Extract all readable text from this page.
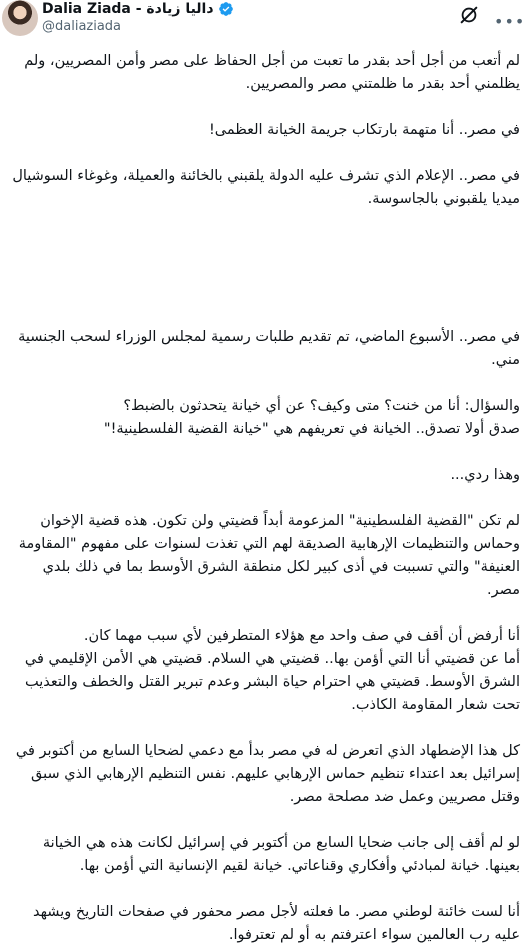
Dalia Ziada - داليا زيادة
@daliaziada	•••

لم أتعب من أجل أحد بقدر ما تعبت من أجل الحفاظ على مصر وأمن المصريين، ولم يظلمني أحد بقدر ما ظلمتني مصر والمصريين.

في مصر.. أنا متهمة بارتكاب جريمة الخيانة العظمى!

في مصر.. الإعلام الذي تشرف عليه الدولة يلقبني بالخائنة والعميلة، وغوغاء السوشيال ميديا يلقبوني بالجاسوسة.

في مصر.. الأسبوع الماضي، تم تقديم طلبات رسمية لمجلس الوزراء لسحب الجنسية مني.

والسؤال: أنا من خنت؟ متى وكيف؟ عن أي خيانة يتحدثون بالضبط؟

صدق أولا تصدق.. الخيانة في تعريفهم هي "خيانة القضية الفلسطينية!"

وهذا ردي...

لم تكن "القضية الفلسطينية" المزعومة أبداً قضيتي ولن تكون. هذه قضية الإخوان وحماس والتنظيمات الإرهابية الصديقة لهم التي تغذت لسنوات على مفهوم "المقاومة العنيفة" والتي تسببت في أذى كبير لكل منطقة الشرق الأوسط بما في ذلك بلدي مصر.

أنا أرفض أن أقف في صف واحد مع هؤلاء المتطرفين لأي سبب مهما كان.

أما عن قضيتي أنا التي أؤمن بها.. قضيتي هي السلام. قضيتي هي الأمن الإقليمي في الشرق الأوسط. قضيتي هي احترام حياة البشر وعدم تبرير القتل والخطف والتعذيب تحت شعار المقاومة الكاذب.

كل هذا الإضطهاد الذي اتعرض له في مصر بدأ مع دعمي لضحايا السابع من أكتوبر في إسرائيل بعد اعتداء تنظيم حماس الإرهابي عليهم. نفس التنظيم الإرهابي الذي سبق وقتل مصريين وعمل ضد مصلحة مصر.

لو لم أقف إلى جانب ضحايا السابع من أكتوبر في إسرائيل لكانت هذه هي الخيانة بعينها. خيانة لمبادئي وأفكاري وقناعاتي. خيانة لقيم الإنسانية التي أؤمن بها.

أنا لست خائنة لوطني مصر. ما فعلته لأجل مصر محفور في صفحات التاريخ ويشهد عليه رب العالمين سواء اعترفتم به أو لم تعترفوا.
